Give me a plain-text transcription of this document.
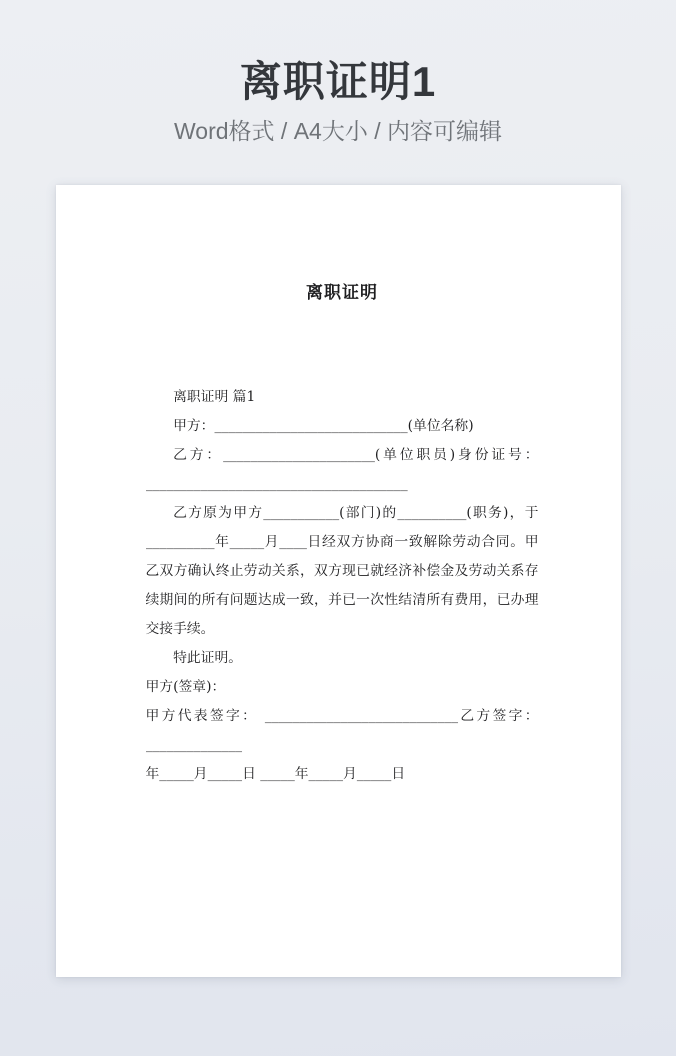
离职证明1
Word格式 / A4大小 / 内容可编辑
离职证明
离职证明 篇1
甲方：____________________________(单位名称)
乙方：______________________(单位职员)身份证号：
______________________________________
乙方原为甲方___________(部门)的__________(职务)，于
__________年_____月____日经双方协商一致解除劳动合同。甲
乙双方确认终止劳动关系，双方现已就经济补偿金及劳动关系存
续期间的所有问题达成一致，并已一次性结清所有费用，已办理
交接手续。
特此证明。
甲方(签章)：
甲方代表签字： ____________________________乙方签字：
______________
年_____月_____日 _____年_____月_____日
